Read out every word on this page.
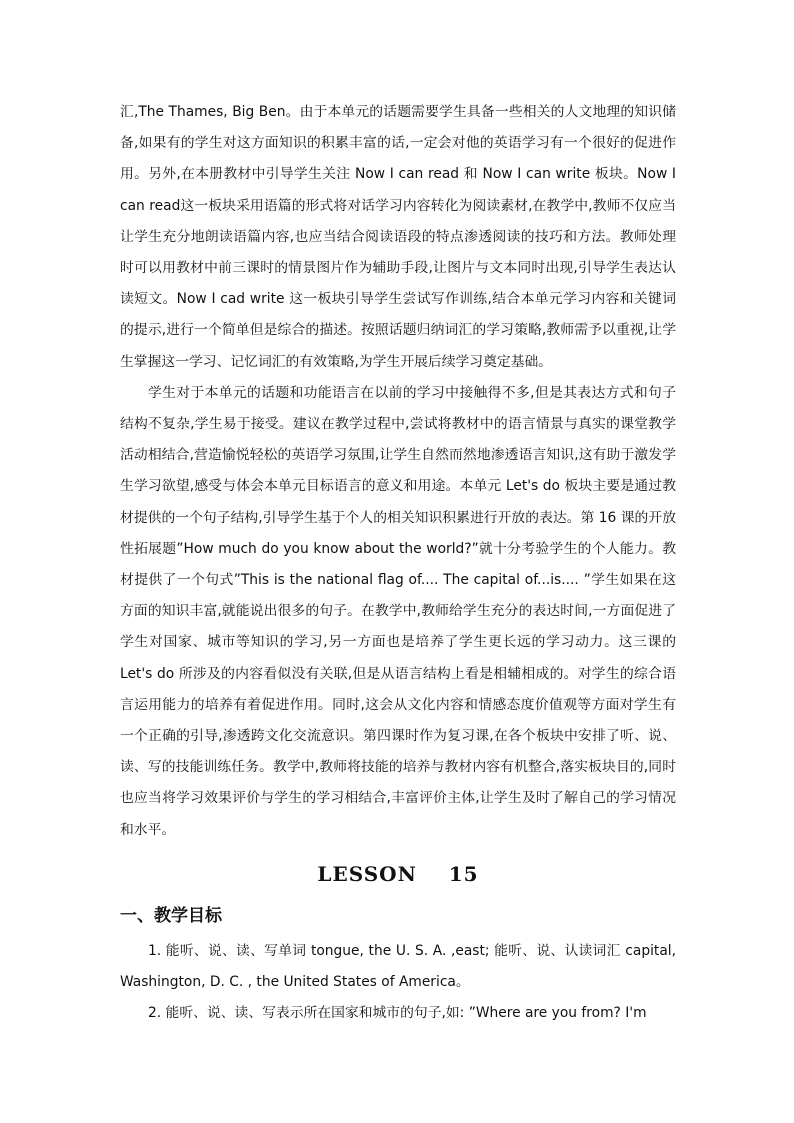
汇,The Thames, Big Ben。由于本单元的话题需要学生具备一些相关的人文地理的知识储备,如果有的学生对这方面知识的积累丰富的话,一定会对他的英语学习有一个很好的促进作用。另外,在本册教材中引导学生关注 Now I can read 和 Now I can write 板块。Now I can read这一板块采用语篇的形式将对话学习内容转化为阅读素材,在教学中,教师不仅应当让学生充分地朗读语篇内容,也应当结合阅读语段的特点渗透阅读的技巧和方法。教师处理时可以用教材中前三课时的情景图片作为辅助手段,让图片与文本同时出现,引导学生表达认读短文。Now I cad write 这一板块引导学生尝试写作训练,结合本单元学习内容和关键词的提示,进行一个简单但是综合的描述。按照话题归纳词汇的学习策略,教师需予以重视,让学生掌握这一学习、记忆词汇的有效策略,为学生开展后续学习奠定基础。

学生对于本单元的话题和功能语言在以前的学习中接触得不多,但是其表达方式和句子结构不复杂,学生易于接受。建议在教学过程中,尝试将教材中的语言情景与真实的课堂教学活动相结合,营造愉悦轻松的英语学习氛围,让学生自然而然地渗透语言知识,这有助于激发学生学习欲望,感受与体会本单元目标语言的意义和用途。本单元 Let's do 板块主要是通过教材提供的一个句子结构,引导学生基于个人的相关知识积累进行开放的表达。第 16 课的开放性拓展题”How much do you know about the world?”就十分考验学生的个人能力。教材提供了一个句式”This is the national flag of.... The capital of...is.... ”学生如果在这方面的知识丰富,就能说出很多的句子。在教学中,教师给学生充分的表达时间,一方面促进了学生对国家、城市等知识的学习,另一方面也是培养了学生更长远的学习动力。这三课的 Let's do 所涉及的内容看似没有关联,但是从语言结构上看是相辅相成的。对学生的综合语言运用能力的培养有着促进作用。同时,这会从文化内容和情感态度价值观等方面对学生有一个正确的引导,渗透跨文化交流意识。第四课时作为复习课,在各个板块中安排了听、说、读、写的技能训练任务。教学中,教师将技能的培养与教材内容有机整合,落实板块目的,同时也应当将学习效果评价与学生的学习相结合,丰富评价主体,让学生及时了解自己的学习情况和水平。

LESSON    15
一、教学目标

1. 能听、说、读、写单词 tongue, the U. S. A. ,east; 能听、说、认读词汇 capital, Washington, D. C. , the United States of America。

2. 能听、说、读、写表示所在国家和城市的句子,如: ”Where are you from? I'm
